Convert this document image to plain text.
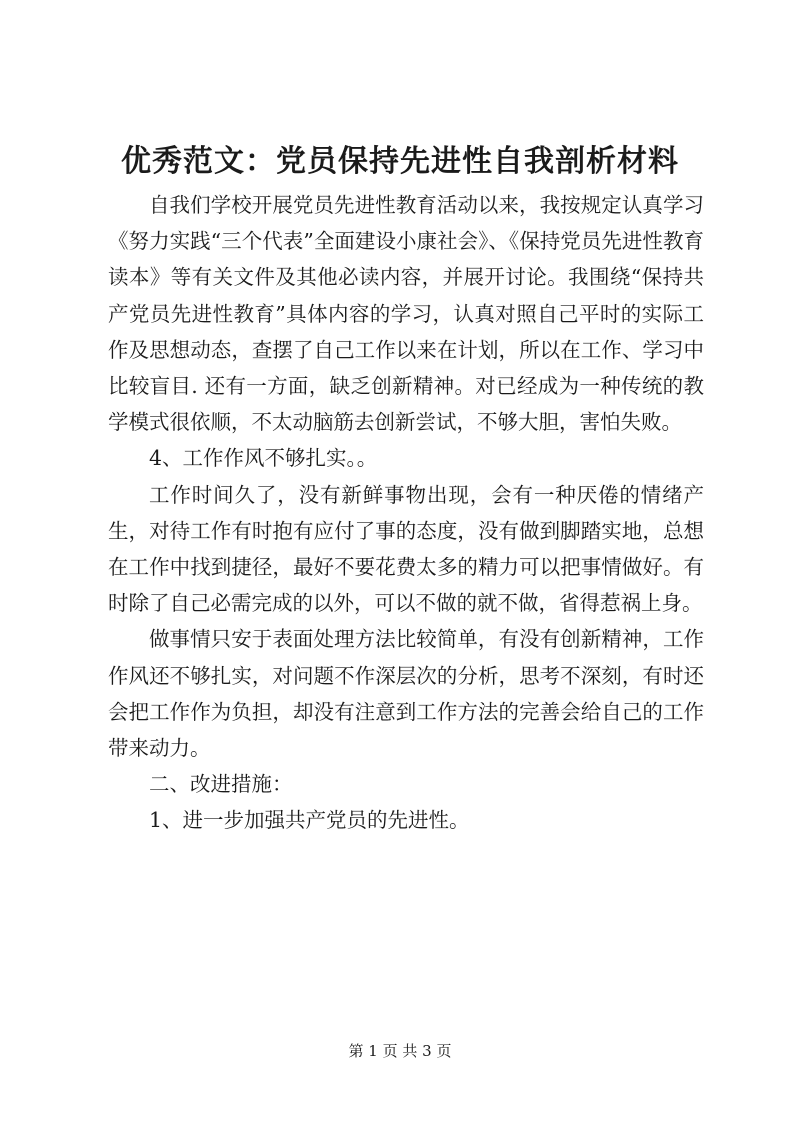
优秀范文：党员保持先进性自我剖析材料

自我们学校开展党员先进性教育活动以来，我按规定认真学习《努力实践“三个代表”全面建设小康社会》、《保持党员先进性教育读本》等有关文件及其他必读内容，并展开讨论。我围绕“保持共产党员先进性教育”具体内容的学习，认真对照自己平时的实际工作及思想动态，查摆了自己工作以来在计划，所以在工作、学习中比较盲目. 还有一方面，缺乏创新精神。对已经成为一种传统的教学模式很依顺，不太动脑筋去创新尝试，不够大胆，害怕失败。

4、工作作风不够扎实。。

工作时间久了，没有新鲜事物出现，会有一种厌倦的情绪产生，对待工作有时抱有应付了事的态度，没有做到脚踏实地，总想在工作中找到捷径，最好不要花费太多的精力可以把事情做好。有时除了自己必需完成的以外，可以不做的就不做，省得惹祸上身。

做事情只安于表面处理方法比较简单，有没有创新精神，工作作风还不够扎实，对问题不作深层次的分析，思考不深刻，有时还会把工作作为负担，却没有注意到工作方法的完善会给自己的工作带来动力。

二、改进措施：

1、进一步加强共产党员的先进性。

第 1 页 共 3 页
